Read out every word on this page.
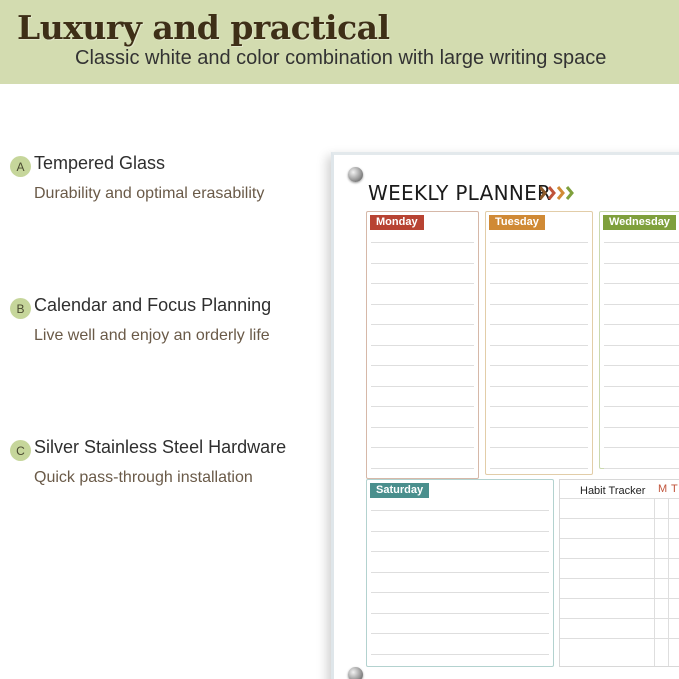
Luxury and practical
Classic white and color combination with large writing space
A Tempered Glass
Durability and optimal erasability
B Calendar and Focus Planning
Live well and enjoy an orderly life
C Silver Stainless Steel Hardware
Quick pass-through installation
WEEKLY PLANNER
Monday	Tuesday	Wednesday
Saturday	Habit Tracker M T
